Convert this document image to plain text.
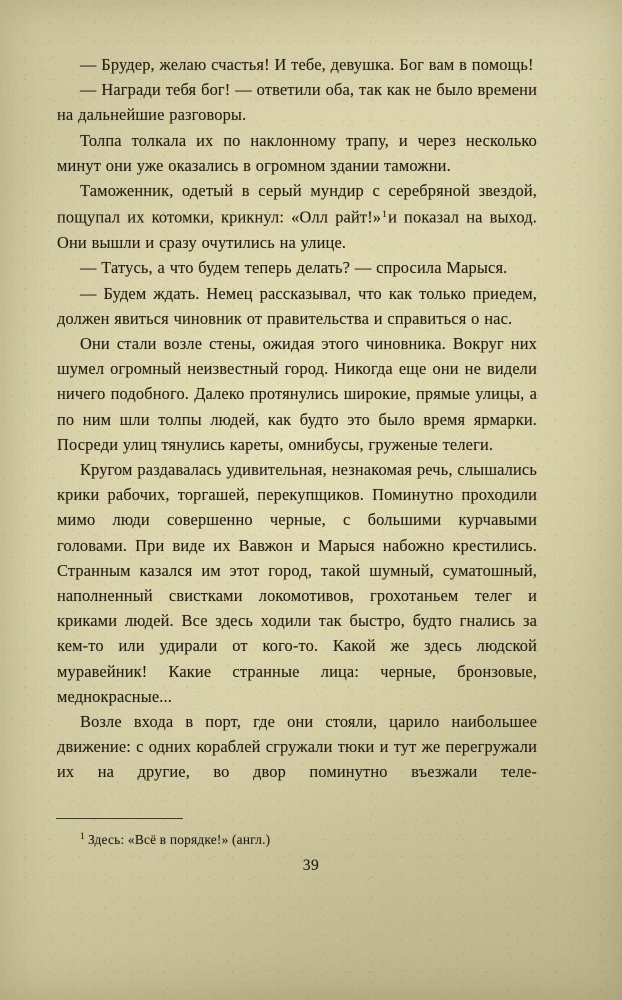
— Брудер, желаю счастья! И тебе, девушка. Бог вам в помощь!

— Награди тебя бог! — ответили оба, так как не было времени на дальнейшие разговоры.

Толпа толкала их по наклонному трапу, и через несколько минут они уже оказались в огромном здании таможни.

Таможенник, одетый в серый мундир с серебряной звездой, пощупал их котомки, крикнул: «Олл райт!»$^1$и показал на выход. Они вышли и сразу очутились на улице.

— Татусь, а что будем теперь делать? — спросила Марыся.

— Будем ждать. Немец рассказывал, что как только приедем, должен явиться чиновник от правительства и справиться о нас.

Они стали возле стены, ожидая этого чиновника. Вокруг них шумел огромный неизвестный город. Никогда еще они не видели ничего подобного. Далеко протянулись широкие, прямые улицы, а по ним шли толпы людей, как будто это было время ярмарки. Посреди улиц тянулись кареты, омнибусы, груженые телеги.

Кругом раздавалась удивительная, незнакомая речь, слышались крики рабочих, торгашей, перекупщиков. Поминутно проходили мимо люди совершенно черные, с большими курчавыми головами. При виде их Вавжон и Марыся набожно крестились. Странным казался им этот город, такой шумный, суматошный, наполненный свистками локомотивов, грохотаньем телег и криками людей. Все здесь ходили так быстро, будто гнались за кем-то или удирали от кого-то. Какой же здесь людской муравейник! Какие странные лица: черные, бронзовые, меднокрасные...

Возле входа в порт, где они стояли, царило наибольшее движение: с одних кораблей сгружали тюки и тут же перегружали их на другие, во двор поминутно въезжали теле-

$^1$ Здесь: «Всё в порядке!» (англ.)
39
